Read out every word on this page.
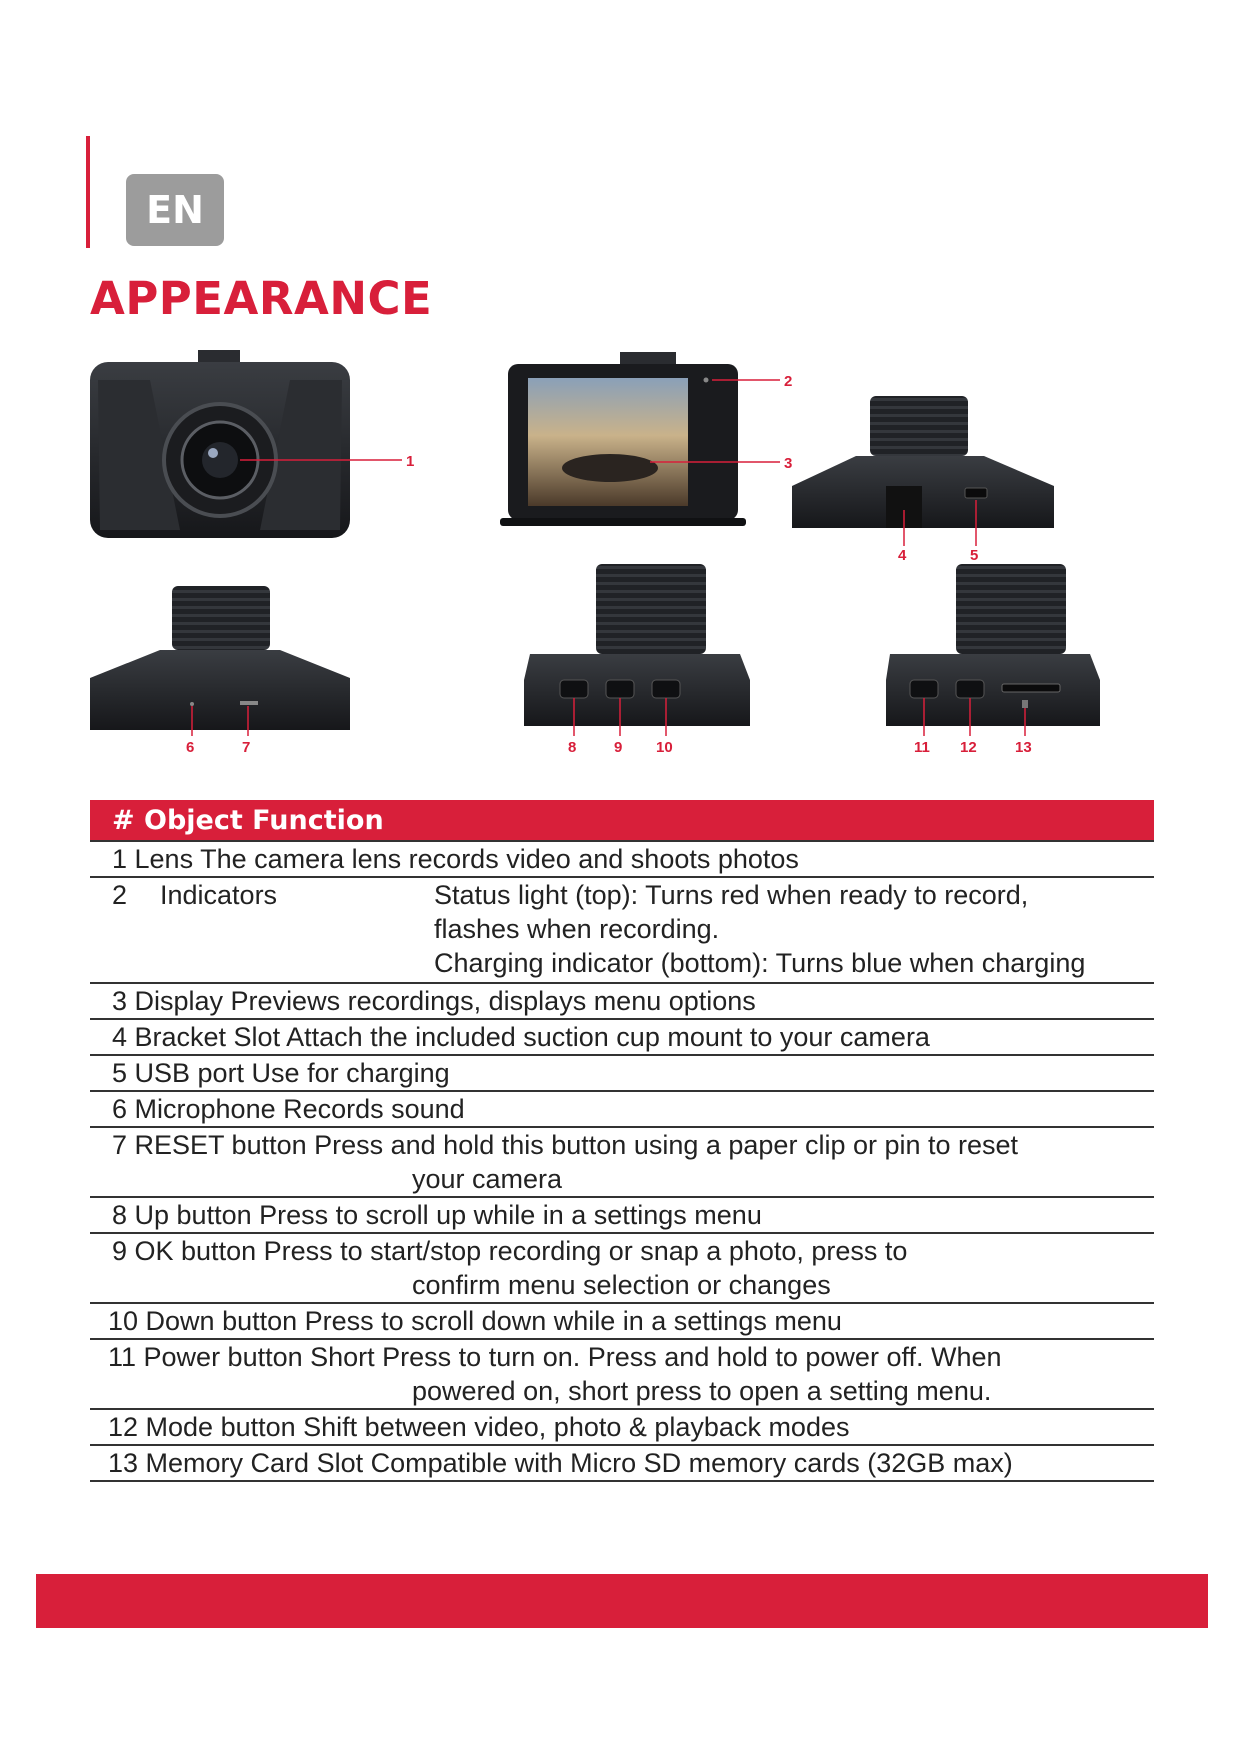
EN
APPEARANCE
1
2
3
4	5
6	7	8	9 10	11 12	13
# Object Function
1 Lens The camera lens records video and shoots photos
2	Indicators	Status light (top): Turns red when ready to record,
flashes when recording.
Charging indicator (bottom): Turns blue when charging
3 Display Previews recordings, displays menu options
4 Bracket Slot Attach the included suction cup mount to your camera
5 USB port Use for charging
6 Microphone Records sound
7 RESET button Press and hold this button using a paper clip or pin to reset
your camera
8 Up button Press to scroll up while in a settings menu
9 OK button Press to start/stop recording or snap a photo, press to
confirm menu selection or changes
10 Down button Press to scroll down while in a settings menu
11 Power button Short Press to turn on. Press and hold to power off. When
powered on, short press to open a setting menu.
12 Mode button Shift between video, photo & playback modes
13 Memory Card Slot Compatible with Micro SD memory cards (32GB max)
